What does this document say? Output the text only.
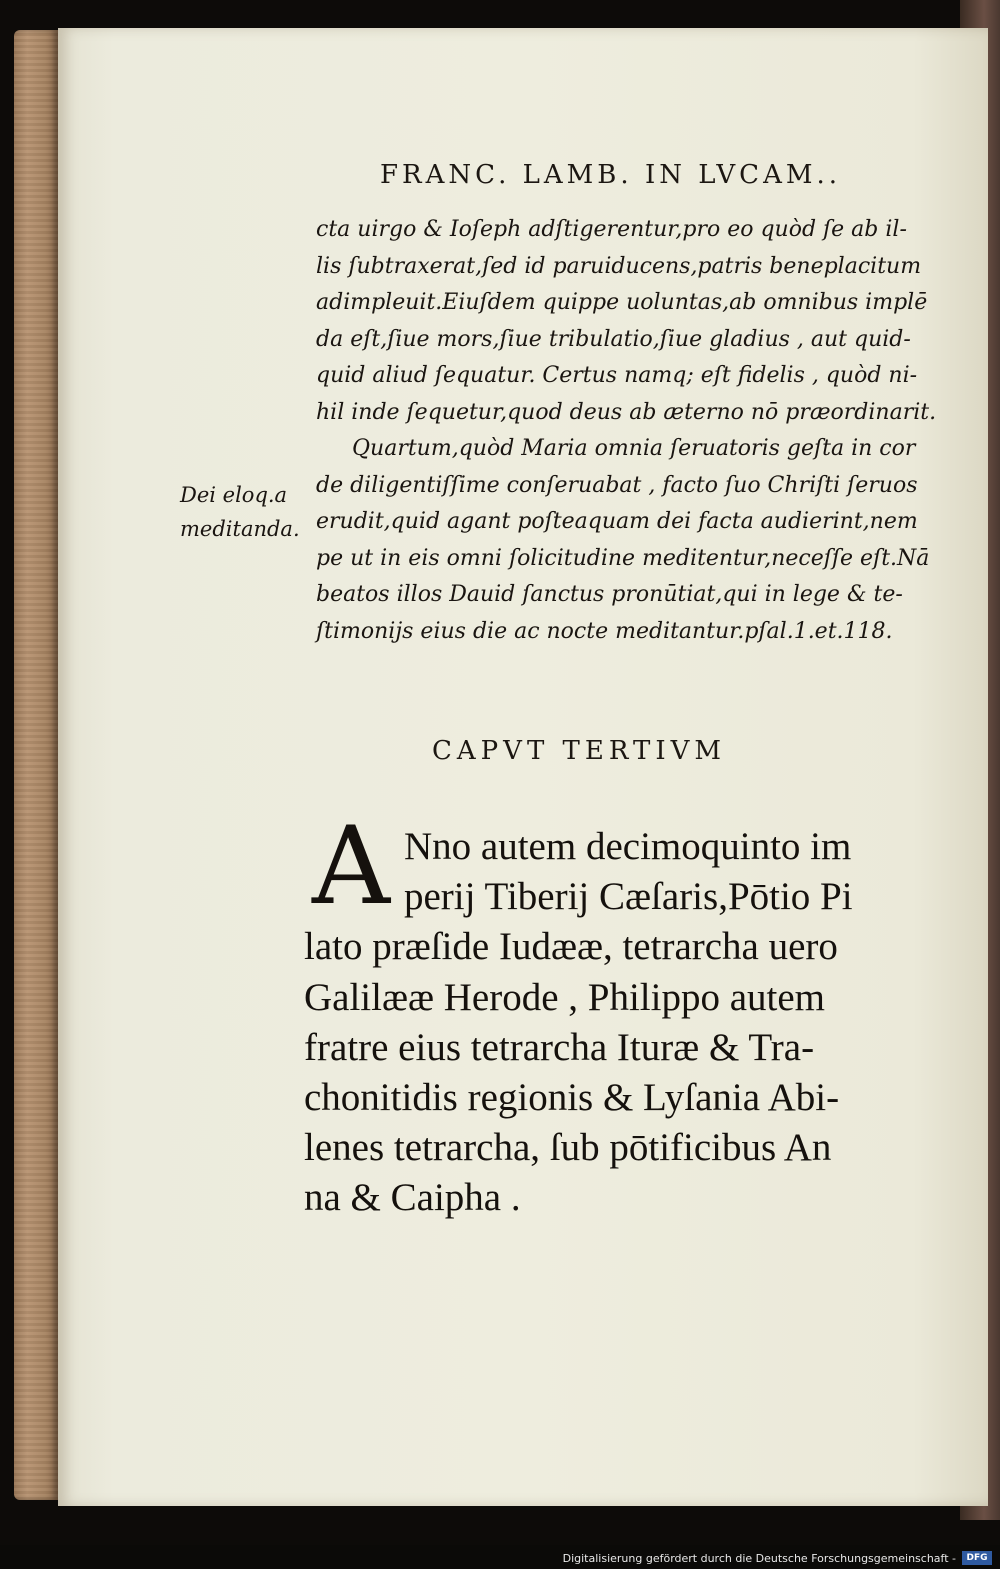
FRANC. LAMB. IN LVCAM..
cta uirgo & Ioſeph adſtigerentur,pro eo quòd ſe ab il-
lis ſubtraxerat,ſed id paruiducens,patris beneplacitum
adimpleuit.Eiuſdem quippe uoluntas,ab omnibus implē
da eſt,ſiue mors,ſiue tribulatio,ſiue gladius , aut quid-
quid aliud ſequatur. Certus namq; eſt fidelis , quòd ni-
hil inde ſequetur,quod deus ab æterno nō præordinarit.
Quartum,quòd Maria omnia ſeruatoris geſta in cor
de diligentiſſime conſeruabat , facto ſuo Chriſti ſeruos
erudit,quid agant poſteaquam dei facta audierint,nem
pe ut in eis omni ſolicitudine meditentur,neceſſe eſt.Nā
beatos illos Dauid ſanctus pronūtiat,qui in lege & te-
ſtimonijs eius die ac nocte meditantur.pſal.1.et.118.
Dei eloq.a
meditanda.
CAPVT TERTIVM
A Nno autem decimoquinto im
perij Tiberij Cæſaris,Pōtio Pi
lato præſide Iudææ, tetrarcha uero
Galilææ Herode , Philippo autem
fratre eius tetrarcha Ituræ & Tra-
chonitidis regionis & Lyſania Abi-
lenes tetrarcha, ſub pōtificibus An
na & Caipha .
Digitalisierung gefördert durch die Deutsche Forschungsgemeinschaft -	DFG
